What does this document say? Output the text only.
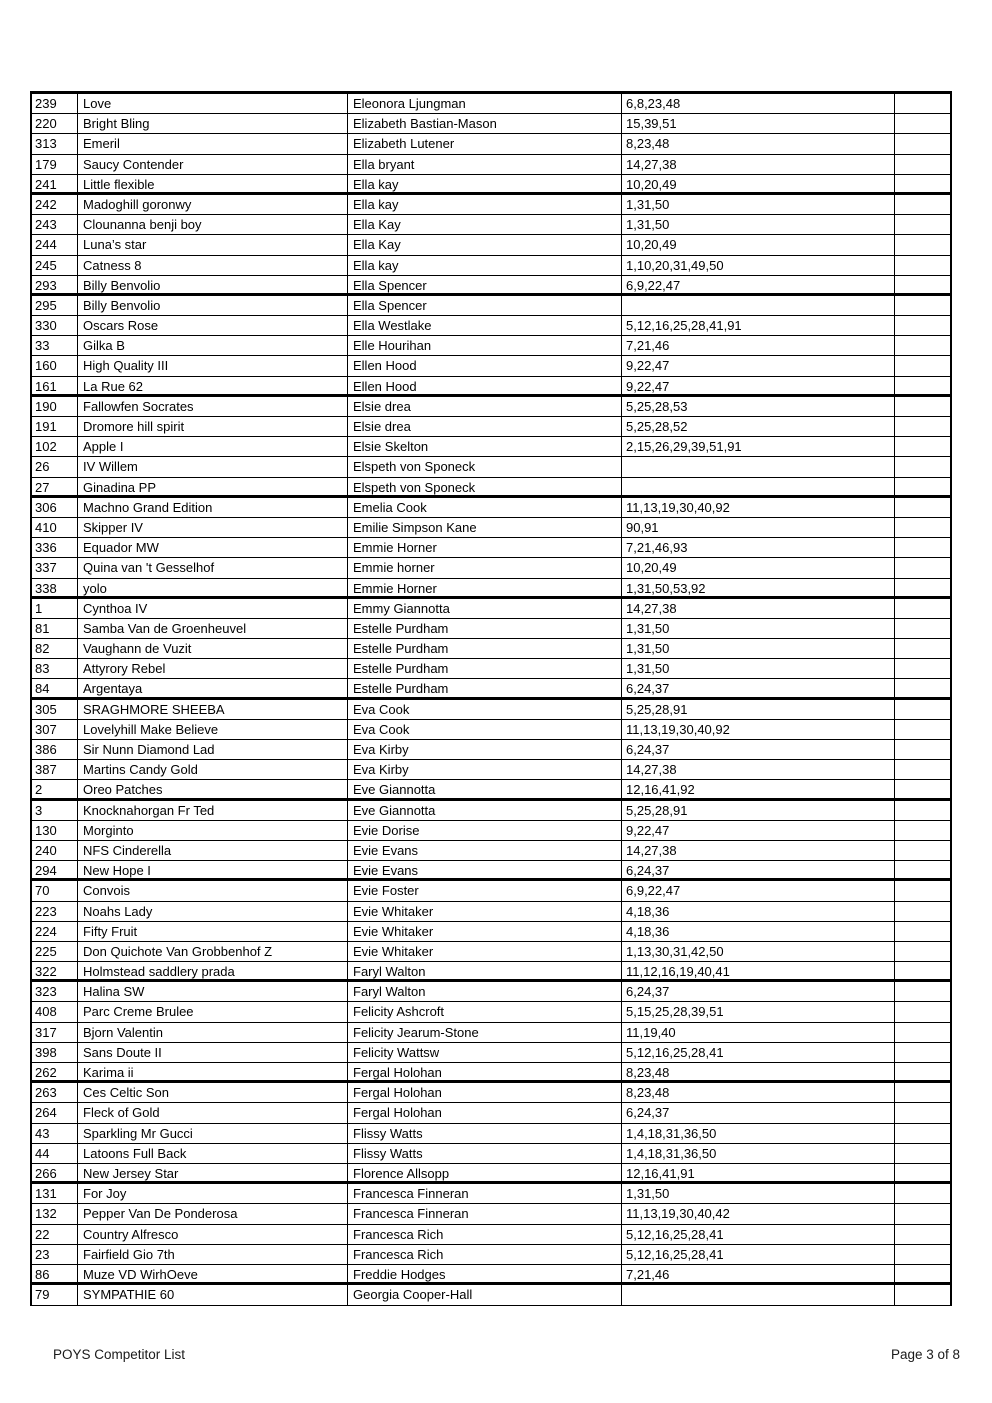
239	Love	Eleonora Ljungman	6,8,23,48
220	Bright Bling	Elizabeth Bastian-Mason	15,39,51
313	Emeril	Elizabeth Lutener	8,23,48
179	Saucy Contender	Ella bryant	14,27,38
241	Little flexible	Ella kay	10,20,49
242	Madoghill goronwy	Ella kay	1,31,50
243	Clounanna benji boy	Ella Kay	1,31,50
244	Luna’s star	Ella Kay	10,20,49
245	Catness 8	Ella kay	1,10,20,31,49,50
293	Billy Benvolio	Ella Spencer	6,9,22,47
295	Billy Benvolio	Ella Spencer
330	Oscars Rose	Ella Westlake	5,12,16,25,28,41,91
33	Gilka B	Elle Hourihan	7,21,46
160	High Quality III	Ellen Hood	9,22,47
161	La Rue 62	Ellen Hood	9,22,47
190	Fallowfen Socrates	Elsie drea	5,25,28,53
191	Dromore hill spirit	Elsie drea	5,25,28,52
102	Apple I	Elsie Skelton	2,15,26,29,39,51,91
26	IV Willem	Elspeth von Sponeck
27	Ginadina PP	Elspeth von Sponeck
306	Machno Grand Edition	Emelia Cook	11,13,19,30,40,92
410	Skipper IV	Emilie Simpson Kane	90,91
336	Equador MW	Emmie Horner	7,21,46,93
337	Quina van 't Gesselhof	Emmie horner	10,20,49
338	yolo	Emmie Horner	1,31,50,53,92
1	Cynthoa IV	Emmy Giannotta	14,27,38
81	Samba Van de Groenheuvel	Estelle Purdham	1,31,50
82	Vaughann de Vuzit	Estelle Purdham	1,31,50
83	Attyrory Rebel	Estelle Purdham	1,31,50
84	Argentaya	Estelle Purdham	6,24,37
305	SRAGHMORE SHEEBA	Eva Cook	5,25,28,91
307	Lovelyhill Make Believe	Eva Cook	11,13,19,30,40,92
386	Sir Nunn Diamond Lad	Eva Kirby	6,24,37
387	Martins Candy Gold	Eva Kirby	14,27,38
2	Oreo Patches	Eve Giannotta	12,16,41,92
3	Knocknahorgan Fr Ted	Eve Giannotta	5,25,28,91
130	Morginto	Evie Dorise	9,22,47
240	NFS Cinderella	Evie Evans	14,27,38
294	New Hope I	Evie Evans	6,24,37
70	Convois	Evie Foster	6,9,22,47
223	Noahs Lady	Evie Whitaker	4,18,36
224	Fifty Fruit	Evie Whitaker	4,18,36
225	Don Quichote Van Grobbenhof Z	Evie Whitaker	1,13,30,31,42,50
322	Holmstead saddlery prada	Faryl Walton	11,12,16,19,40,41
323	Halina SW	Faryl Walton	6,24,37
408	Parc Creme Brulee	Felicity Ashcroft	5,15,25,28,39,51
317	Bjorn Valentin	Felicity Jearum-Stone	11,19,40
398	Sans Doute II	Felicity Wattsw	5,12,16,25,28,41
262	Karima ii	Fergal Holohan	8,23,48
263	Ces Celtic Son	Fergal Holohan	8,23,48
264	Fleck of Gold	Fergal Holohan	6,24,37
43	Sparkling Mr Gucci	Flissy Watts	1,4,18,31,36,50
44	Latoons Full Back	Flissy Watts	1,4,18,31,36,50
266	New Jersey Star	Florence Allsopp	12,16,41,91
131	For Joy	Francesca Finneran	1,31,50
132	Pepper Van De Ponderosa	Francesca Finneran	11,13,19,30,40,42
22	Country Alfresco	Francesca Rich	5,12,16,25,28,41
23	Fairfield Gio 7th	Francesca Rich	5,12,16,25,28,41
86	Muze VD WirhOeve	Freddie Hodges	7,21,46
79	SYMPATHIE 60	Georgia Cooper-Hall
POYS Competitor List	Page 3 of 8
